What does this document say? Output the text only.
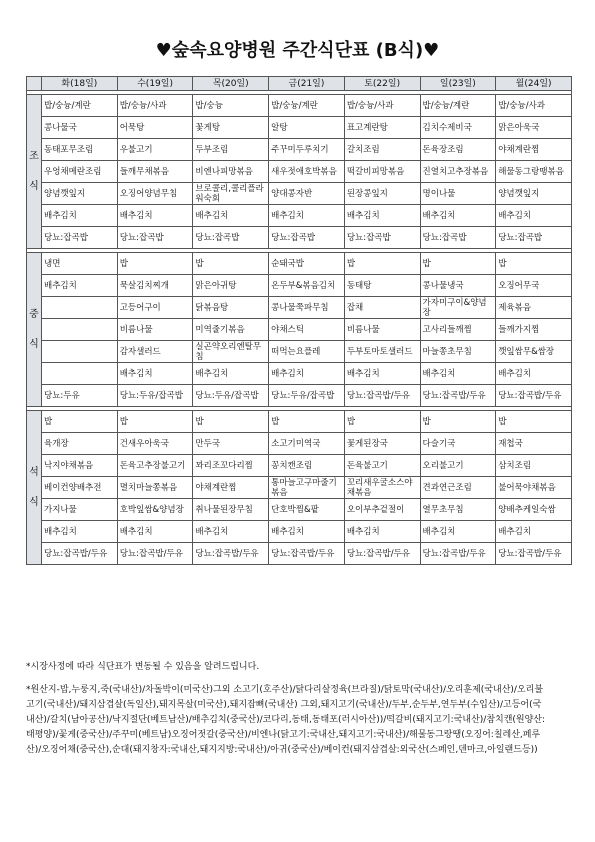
♥숲속요양병원 주간식단표 (B식)♥
	화(18일)	수(19일)	목(20일)	금(21일)	토(22일)	일(23일)	월(24일)

조
식	밥/숭늉/계란	밥/숭늉/사과	밥/숭늉	밥/숭늉/계란	밥/숭늉/사과	밥/숭늉/계란	밥/숭늉/사과
	콩나물국	어묵탕	꽃게탕	알탕	표고계란탕	김치수제비국	맑은아욱국
	동태포무조림	우불고기	두부조림	주꾸미두루치기	갈치조림	돈육장조림	야채계란찜
	우엉채메란조림	들깨무채볶음	비엔나피망볶음	새우젓애호박볶음	떡갈비피망볶음	진열치고추장볶음	해물동그랑땡볶음
	양념깻잎지	오징어양념무침	브로콜리,콜리플라워숙회	양대콩자반	된장콩잎지	명이나물	양념깻잎지
	배추김치	배추김치	배추김치	배추김치	배추김치	배추김치	배추김치
	당뇨:잡곡밥	당뇨:잡곡밥	당뇨:잡곡밥	당뇨:잡곡밥	당뇨:잡곡밥	당뇨:잡곡밥	당뇨:잡곡밥

중
식	냉면	밥	밥	순돼국밥	밥	밥	밥
	배추김치	묵살김치찌개	맑은아귀탕	온두부&볶음김치	동태탕	콩나물냉국	오징어무국
		고등어구이	닭볶음탕	콩나물쭉파무침	잡채	가자미구이&양념장	제육볶음
		비름나물	미역줄기볶음	야채스틱	비름나물	고사리들깨찜	들깨가지찜
		감자샐러드	실곤약오리엔탈무침	떠먹는요플레	두부토마토샐러드	마늘쫑초무침	깻잎쌈무&쌈장
		배추김치	배추김치	배추김치	배추김치	배추김치	배추김치
	당뇨:두유	당뇨:두유/잡곡밥	당뇨:두유/잡곡밥	당뇨:두유/잡곡밥	당뇨:잡곡밥/두유	당뇨:잡곡밥/두유	당뇨:잡곡밥/두유

석
식	밥	밥	밥	밥	밥	밥	밥
	육개장	건새우아욱국	만두국	소고기미역국	꽃게된장국	다슬기국	재첩국
	낙지야채볶음	돈육고추장불고기	꽈리조꼬다리찜	꽁치캔조림	돈육불고기	오리불고기	삼치조림
	베이컨양배추전	멸치마늘쫑볶음	야채계란찜	통마늘고구마줄기볶음	꼬리새우굴소스야채볶음	견과연근조림	불어묵야채볶음
	가지나물	호박잎쌈&양념장	취나물된장무침	단호박찜&팥	오이부추겉절이	열무초무침	양배추케일숙쌈
	배추김치	배추김치	배추김치	배추김치	배추김치	배추김치	배추김치
	당뇨:잡곡밥/두유	당뇨:잡곡밥/두유	당뇨:잡곡밥/두유	당뇨:잡곡밥/두유	당뇨:잡곡밥/두유	당뇨:잡곡밥/두유	당뇨:잡곡밥/두유
*시장사정에 따라 식단표가 변동될 수 있음을 알려드립니다.
*원산지-밥,누룽지,죽(국내산)/차돌박이(미국산)그외 소고기(호주산)/닭다리살정육(브라질)/닭토막(국내산)/오리훈제(국내산)/오리불고기(국내산)/돼지삼겹살(독일산),돼지목살(미국산),돼지잡뼈(국내산) 그외,돼지고기(국내산)/두부,순두부,연두부(수입산)/고등어(국내산)/갈치(남아공산)/낙지절단(베트남산)/배추김치(중국산)/코다리,동태,동태포(러시아산))/떡갈비(돼지고기:국내산)/참치캔(원양산:태평양)/꽃게(중국산)/주꾸미(베트남)오징어젓갈(중국산)/비엔나(닭고기:국내산,돼지고기:국내산)/해물동그랑땡(오징어:칠레산,페루산)/오징어채(중국산),순대(돼지창자:국내산,돼지지방:국내산)/아귀(중국산)/베이컨(돼지삼겹살:외국산(스페인,덴마크,아일랜드등))
